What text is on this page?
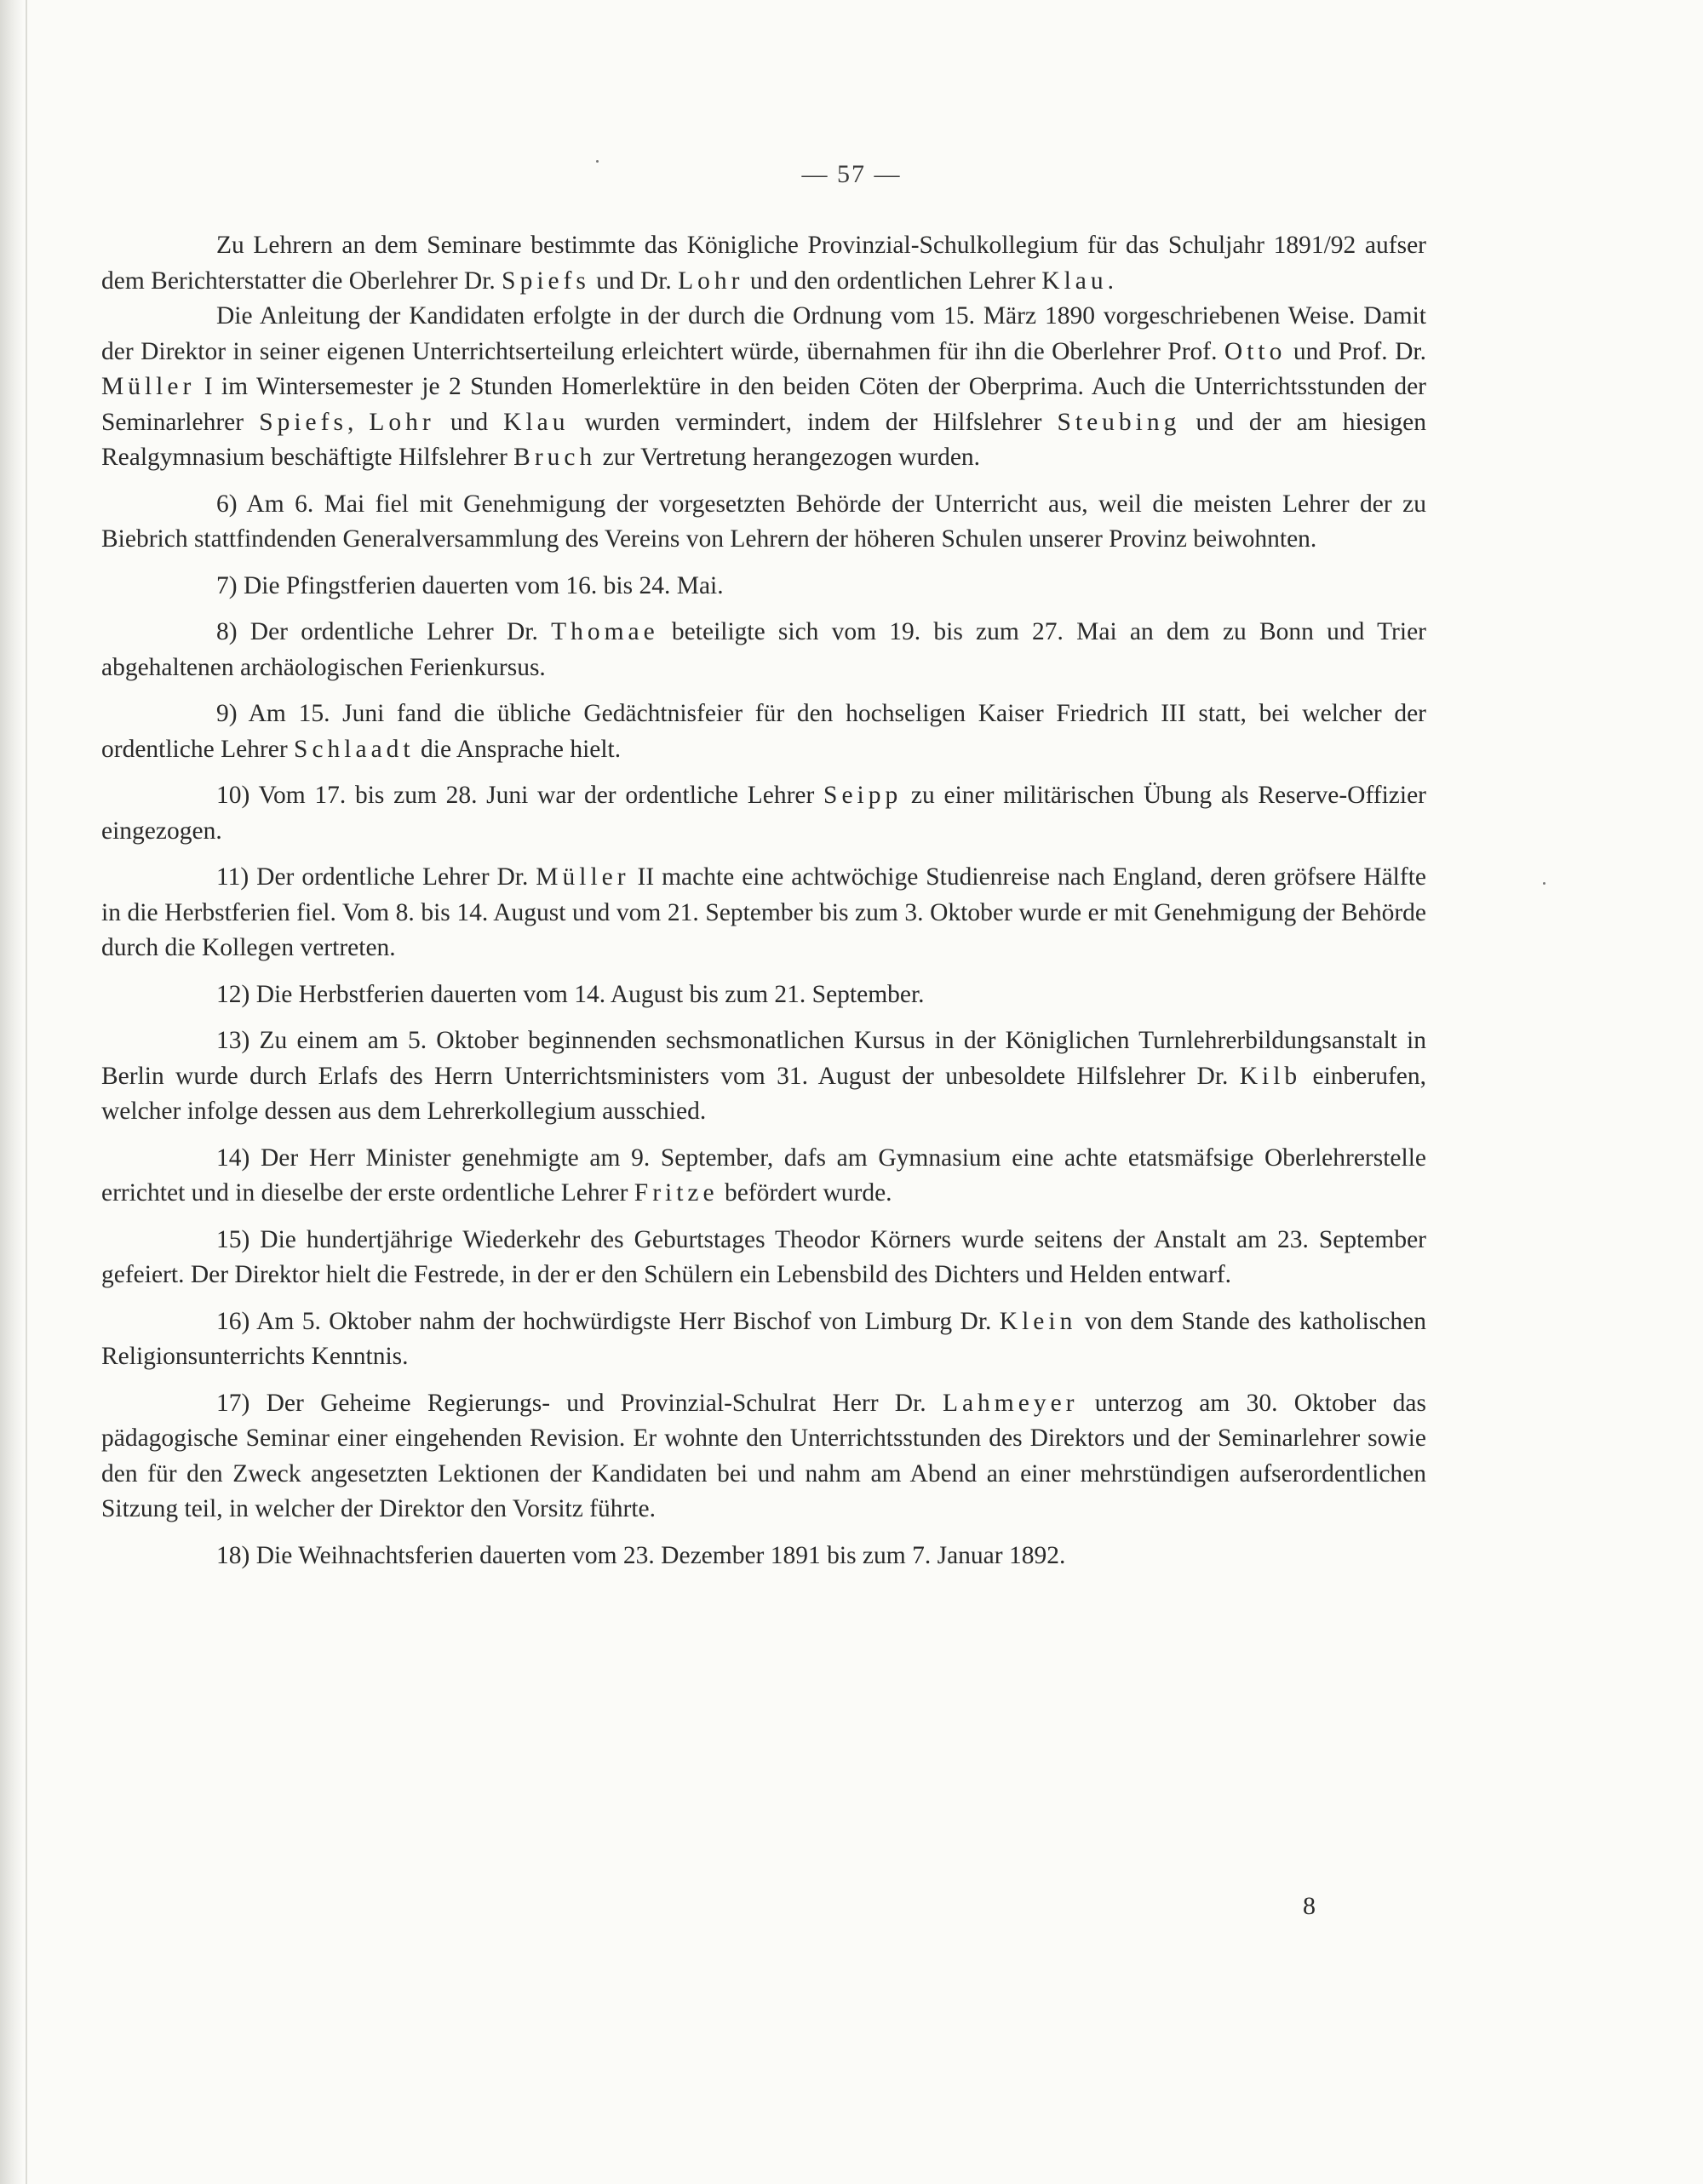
— 57 —

Zu Lehrern an dem Seminare bestimmte das Königliche Provinzial-Schulkollegium für das Schuljahr 1891/92 aufser dem Berichterstatter die Oberlehrer Dr. Spiefs und Dr. Lohr und den ordentlichen Lehrer Klau.

Die Anleitung der Kandidaten erfolgte in der durch die Ordnung vom 15. März 1890 vorgeschriebenen Weise. Damit der Direktor in seiner eigenen Unterrichtserteilung erleichtert würde, übernahmen für ihn die Oberlehrer Prof. Otto und Prof. Dr. Müller I im Wintersemester je 2 Stunden Homerlektüre in den beiden Cöten der Oberprima. Auch die Unterrichtsstunden der Seminarlehrer Spiefs, Lohr und Klau wurden vermindert, indem der Hilfslehrer Steubing und der am hiesigen Realgymnasium beschäftigte Hilfslehrer Bruch zur Vertretung herangezogen wurden.

6) Am 6. Mai fiel mit Genehmigung der vorgesetzten Behörde der Unterricht aus, weil die meisten Lehrer der zu Biebrich stattfindenden Generalversammlung des Vereins von Lehrern der höheren Schulen unserer Provinz beiwohnten.

7) Die Pfingstferien dauerten vom 16. bis 24. Mai.

8) Der ordentliche Lehrer Dr. Thomae beteiligte sich vom 19. bis zum 27. Mai an dem zu Bonn und Trier abgehaltenen archäologischen Ferienkursus.

9) Am 15. Juni fand die übliche Gedächtnisfeier für den hochseligen Kaiser Friedrich III statt, bei welcher der ordentliche Lehrer Schlaadt die Ansprache hielt.

10) Vom 17. bis zum 28. Juni war der ordentliche Lehrer Seipp zu einer militärischen Übung als Reserve-Offizier eingezogen.

11) Der ordentliche Lehrer Dr. Müller II machte eine achtwöchige Studienreise nach England, deren gröfsere Hälfte in die Herbstferien fiel. Vom 8. bis 14. August und vom 21. September bis zum 3. Oktober wurde er mit Genehmigung der Behörde durch die Kollegen vertreten.

12) Die Herbstferien dauerten vom 14. August bis zum 21. September.

13) Zu einem am 5. Oktober beginnenden sechsmonatlichen Kursus in der Königlichen Turnlehrerbildungsanstalt in Berlin wurde durch Erlafs des Herrn Unterrichtsministers vom 31. August der unbesoldete Hilfslehrer Dr. Kilb einberufen, welcher infolge dessen aus dem Lehrerkollegium ausschied.

14) Der Herr Minister genehmigte am 9. September, dafs am Gymnasium eine achte etatsmäfsige Oberlehrerstelle errichtet und in dieselbe der erste ordentliche Lehrer Fritze befördert wurde.

15) Die hundertjährige Wiederkehr des Geburtstages Theodor Körners wurde seitens der Anstalt am 23. September gefeiert. Der Direktor hielt die Festrede, in der er den Schülern ein Lebensbild des Dichters und Helden entwarf.

16) Am 5. Oktober nahm der hochwürdigste Herr Bischof von Limburg Dr. Klein von dem Stande des katholischen Religionsunterrichts Kenntnis.

17) Der Geheime Regierungs- und Provinzial-Schulrat Herr Dr. Lahmeyer unterzog am 30. Oktober das pädagogische Seminar einer eingehenden Revision. Er wohnte den Unterrichtsstunden des Direktors und der Seminarlehrer sowie den für den Zweck angesetzten Lektionen der Kandidaten bei und nahm am Abend an einer mehrstündigen aufserordentlichen Sitzung teil, in welcher der Direktor den Vorsitz führte.

18) Die Weihnachtsferien dauerten vom 23. Dezember 1891 bis zum 7. Januar 1892.

8
